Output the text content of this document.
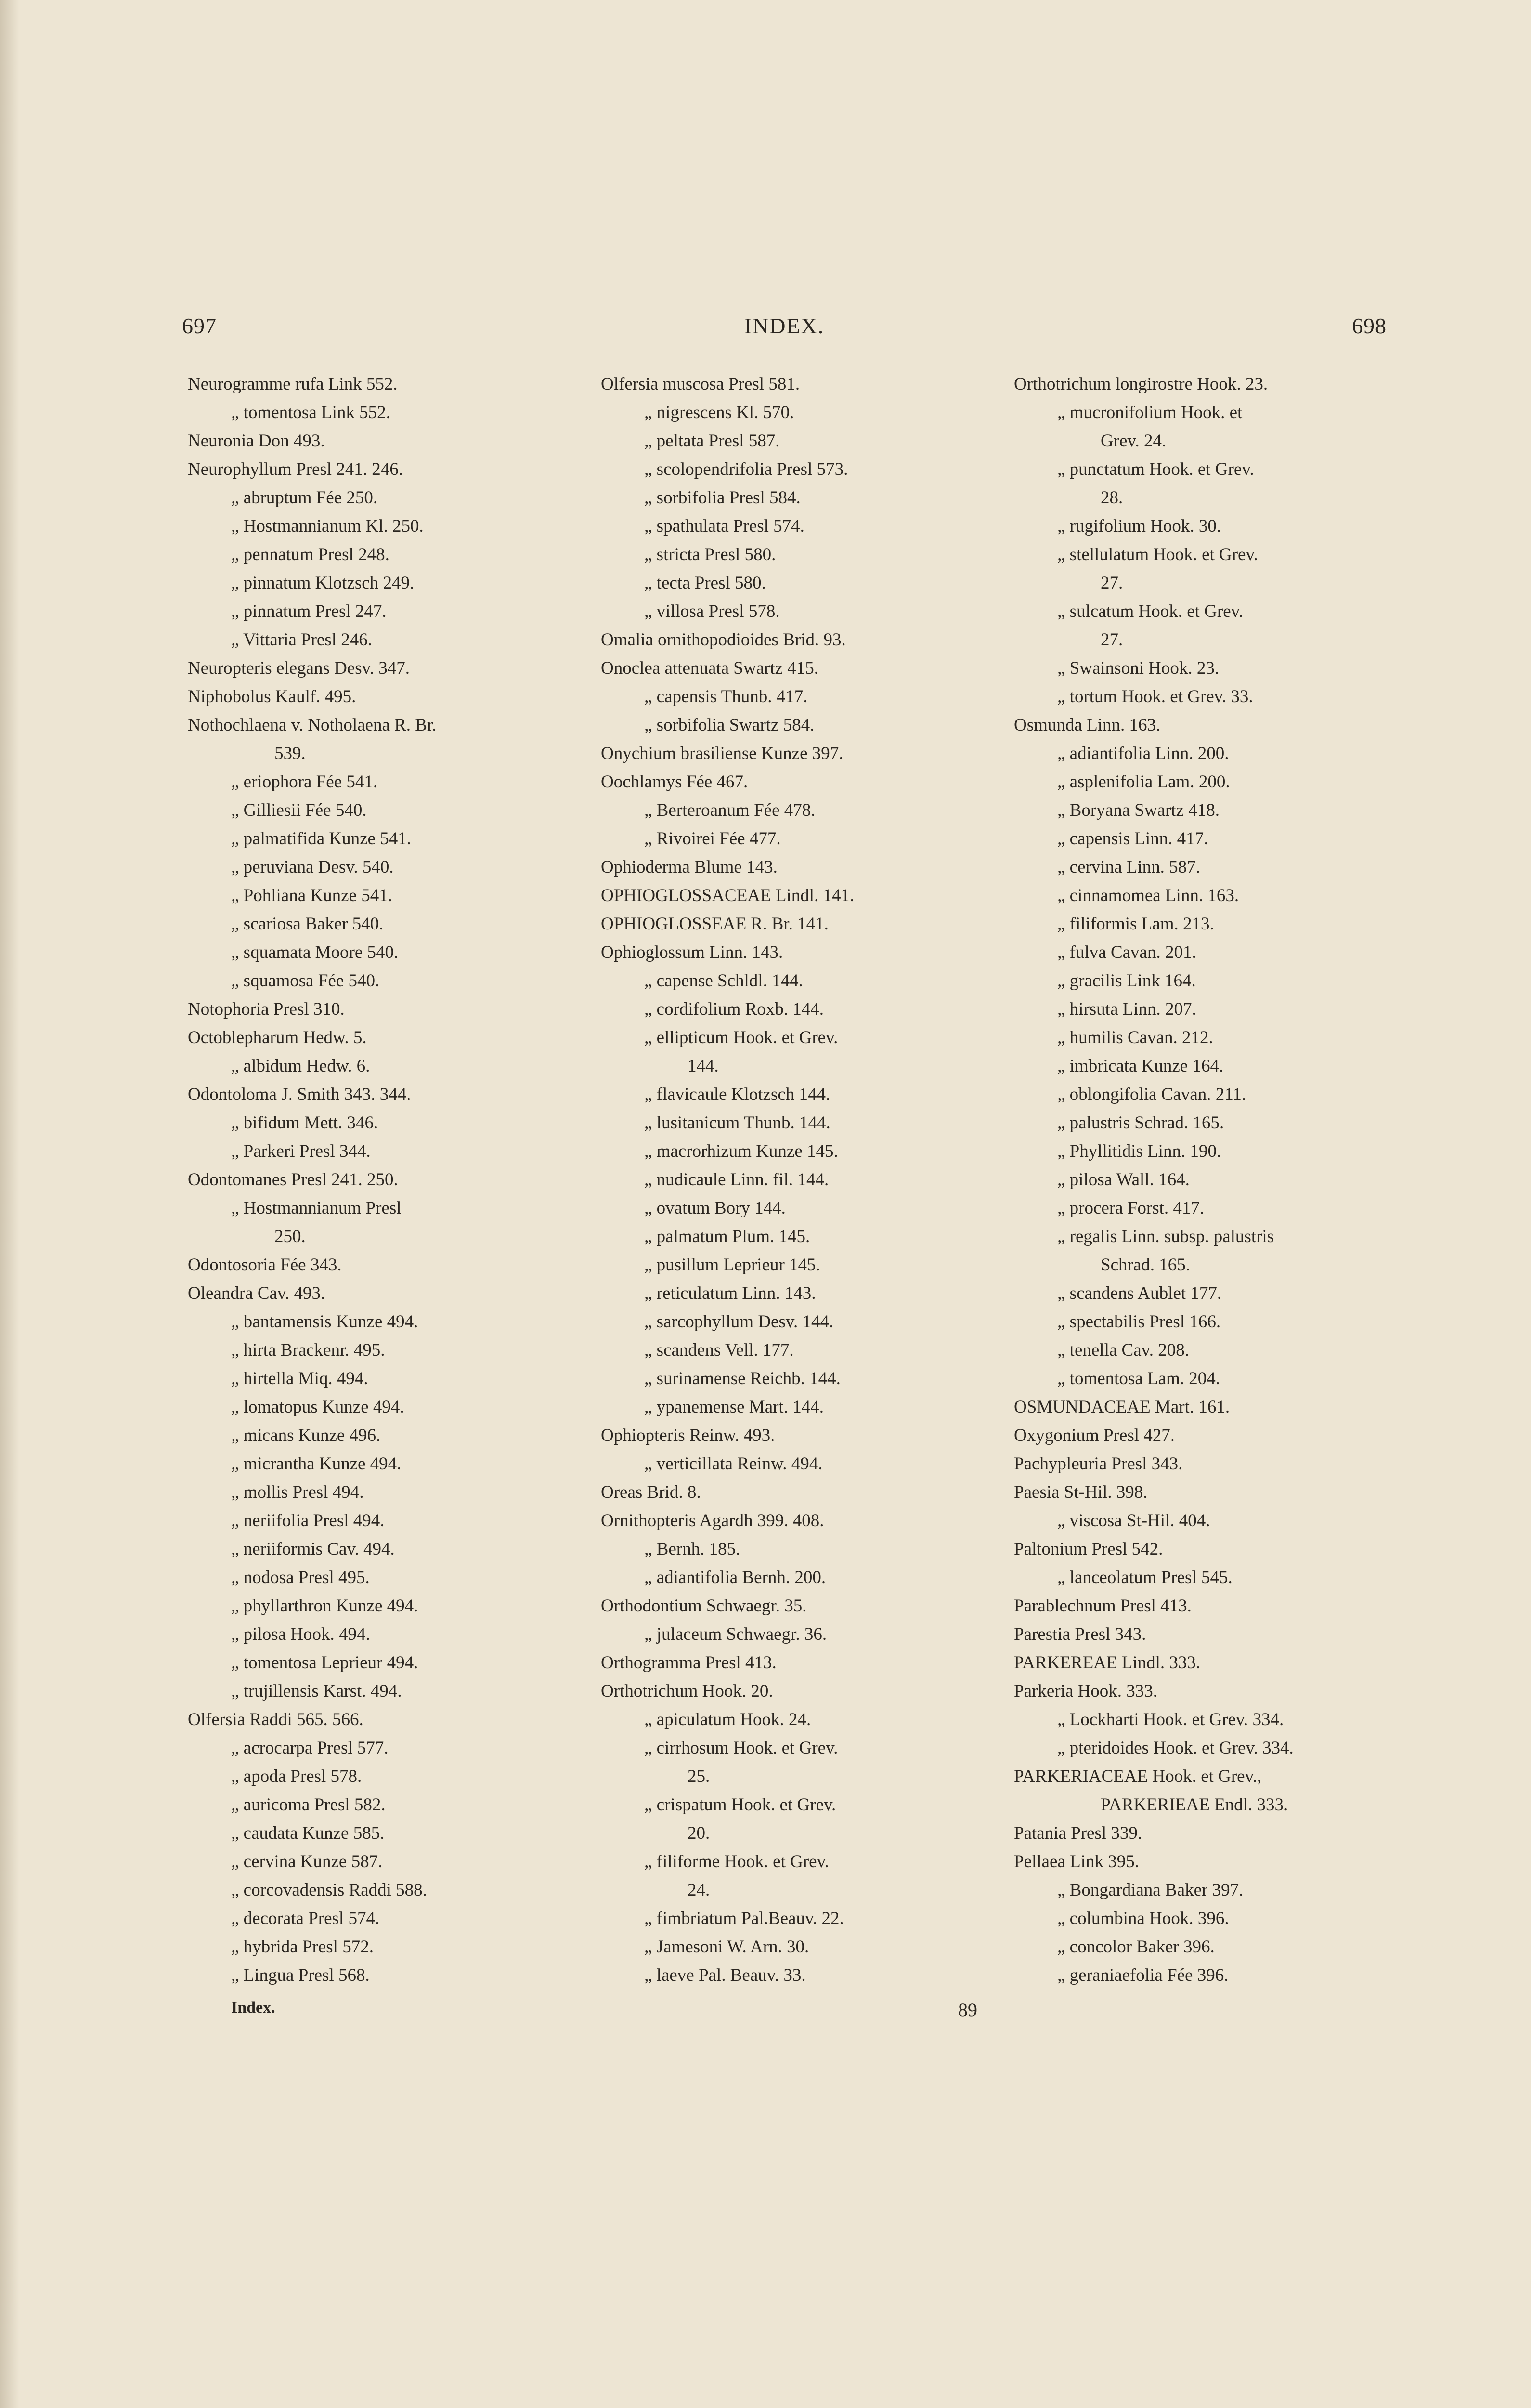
697	INDEX.	698
Neurogramme rufa Link 552.
„ tomentosa Link 552.
Neuronia Don 493.
Neurophyllum Presl 241. 246.
„ abruptum Fée 250.
„ Hostmannianum Kl. 250.
„ pennatum Presl 248.
„ pinnatum Klotzsch 249.
„ pinnatum Presl 247.
„ Vittaria Presl 246.
Neuropteris elegans Desv. 347.
Niphobolus Kaulf. 495.
Nothochlaena v. Notholaena R. Br.
539.
„ eriophora Fée 541.
„ Gilliesii Fée 540.
„ palmatifida Kunze 541.
„ peruviana Desv. 540.
„ Pohliana Kunze 541.
„ scariosa Baker 540.
„ squamata Moore 540.
„ squamosa Fée 540.
Notophoria Presl 310.
Octoblepharum Hedw. 5.
„ albidum Hedw. 6.
Odontoloma J. Smith 343. 344.
„ bifidum Mett. 346.
„ Parkeri Presl 344.
Odontomanes Presl 241. 250.
„ Hostmannianum Presl
250.
Odontosoria Fée 343.
Oleandra Cav. 493.
„ bantamensis Kunze 494.
„ hirta Brackenr. 495.
„ hirtella Miq. 494.
„ lomatopus Kunze 494.
„ micans Kunze 496.
„ micrantha Kunze 494.
„ mollis Presl 494.
„ neriifolia Presl 494.
„ neriiformis Cav. 494.
„ nodosa Presl 495.
„ phyllarthron Kunze 494.
„ pilosa Hook. 494.
„ tomentosa Leprieur 494.
„ trujillensis Karst. 494.
Olfersia Raddi 565. 566.
„ acrocarpa Presl 577.
„ apoda Presl 578.
„ auricoma Presl 582.
„ caudata Kunze 585.
„ cervina Kunze 587.
„ corcovadensis Raddi 588.
„ decorata Presl 574.
„ hybrida Presl 572.
„ Lingua Presl 568.
Olfersia muscosa Presl 581.
„ nigrescens Kl. 570.
„ peltata Presl 587.
„ scolopendrifolia Presl 573.
„ sorbifolia Presl 584.
„ spathulata Presl 574.
„ stricta Presl 580.
„ tecta Presl 580.
„ villosa Presl 578.
Omalia ornithopodioides Brid. 93.
Onoclea attenuata Swartz 415.
„ capensis Thunb. 417.
„ sorbifolia Swartz 584.
Onychium brasiliense Kunze 397.
Oochlamys Fée 467.
„ Berteroanum Fée 478.
„ Rivoirei Fée 477.
Ophioderma Blume 143.
OPHIOGLOSSACEAE Lindl. 141.
OPHIOGLOSSEAE R. Br. 141.
Ophioglossum Linn. 143.
„ capense Schldl. 144.
„ cordifolium Roxb. 144.
„ ellipticum Hook. et Grev.
144.
„ flavicaule Klotzsch 144.
„ lusitanicum Thunb. 144.
„ macrorhizum Kunze 145.
„ nudicaule Linn. fil. 144.
„ ovatum Bory 144.
„ palmatum Plum. 145.
„ pusillum Leprieur 145.
„ reticulatum Linn. 143.
„ sarcophyllum Desv. 144.
„ scandens Vell. 177.
„ surinamense Reichb. 144.
„ ypanemense Mart. 144.
Ophiopteris Reinw. 493.
„ verticillata Reinw. 494.
Oreas Brid. 8.
Ornithopteris Agardh 399. 408.
„ Bernh. 185.
„ adiantifolia Bernh. 200.
Orthodontium Schwaegr. 35.
„ julaceum Schwaegr. 36.
Orthogramma Presl 413.
Orthotrichum Hook. 20.
„ apiculatum Hook. 24.
„ cirrhosum Hook. et Grev.
25.
„ crispatum Hook. et Grev.
20.
„ filiforme Hook. et Grev.
24.
„ fimbriatum Pal.Beauv. 22.
„ Jamesoni W. Arn. 30.
„ laeve Pal. Beauv. 33.
Orthotrichum longirostre Hook. 23.
„ mucronifolium Hook. et
Grev. 24.
„ punctatum Hook. et Grev.
28.
„ rugifolium Hook. 30.
„ stellulatum Hook. et Grev.
27.
„ sulcatum Hook. et Grev.
27.
„ Swainsoni Hook. 23.
„ tortum Hook. et Grev. 33.
Osmunda Linn. 163.
„ adiantifolia Linn. 200.
„ asplenifolia Lam. 200.
„ Boryana Swartz 418.
„ capensis Linn. 417.
„ cervina Linn. 587.
„ cinnamomea Linn. 163.
„ filiformis Lam. 213.
„ fulva Cavan. 201.
„ gracilis Link 164.
„ hirsuta Linn. 207.
„ humilis Cavan. 212.
„ imbricata Kunze 164.
„ oblongifolia Cavan. 211.
„ palustris Schrad. 165.
„ Phyllitidis Linn. 190.
„ pilosa Wall. 164.
„ procera Forst. 417.
„ regalis Linn. subsp. palustris
Schrad. 165.
„ scandens Aublet 177.
„ spectabilis Presl 166.
„ tenella Cav. 208.
„ tomentosa Lam. 204.
OSMUNDACEAE Mart. 161.
Oxygonium Presl 427.
Pachypleuria Presl 343.
Paesia St-Hil. 398.
„ viscosa St-Hil. 404.
Paltonium Presl 542.
„ lanceolatum Presl 545.
Parablechnum Presl 413.
Parestia Presl 343.
PARKEREAE Lindl. 333.
Parkeria Hook. 333.
„ Lockharti Hook. et Grev. 334.
„ pteridoides Hook. et Grev. 334.
PARKERIACEAE Hook. et Grev.,
PARKERIEAE Endl. 333.
Patania Presl 339.
Pellaea Link 395.
„ Bongardiana Baker 397.
„ columbina Hook. 396.
„ concolor Baker 396.
„ geraniaefolia Fée 396.
Index.	89
